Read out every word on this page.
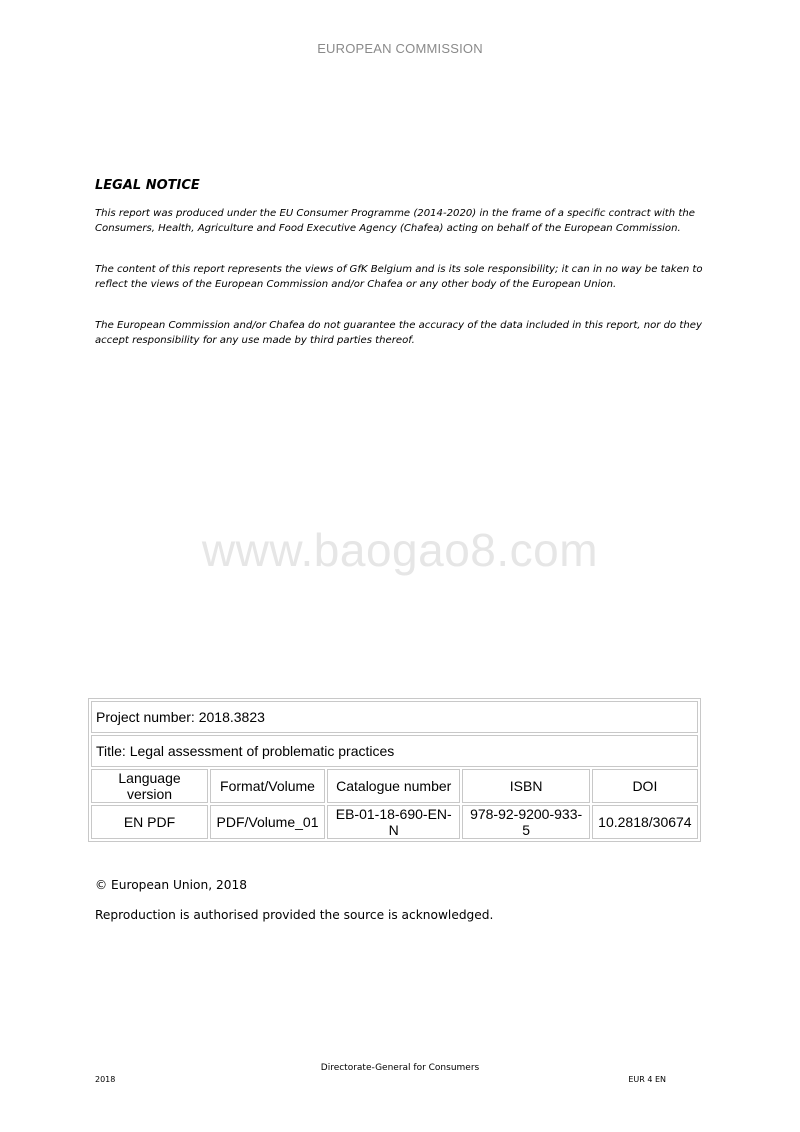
EUROPEAN COMMISSION
LEGAL NOTICE

This report was produced under the EU Consumer Programme (2014-2020) in the frame of a specific contract with the Consumers, Health, Agriculture and Food Executive Agency (Chafea) acting on behalf of the European Commission.

The content of this report represents the views of GfK Belgium and is its sole responsibility; it can in no way be taken to reflect the views of the European Commission and/or Chafea or any other body of the European Union.

The European Commission and/or Chafea do not guarantee the accuracy of the data included in this report, nor do they accept responsibility for any use made by third parties thereof.

www.baogao8.com
Project number: 2018.3823				
Title: Legal assessment of problematic practices				
Language version	Format/Volume	Catalogue number	ISBN	DOI
EN PDF	PDF/Volume_01	EB-01-18-690-EN-N	978-92-9200-933-5	10.2818/30674
© European Union, 2018
Reproduction is authorised provided the source is acknowledged.
Directorate-General for Consumers
2018	EUR 4 EN
